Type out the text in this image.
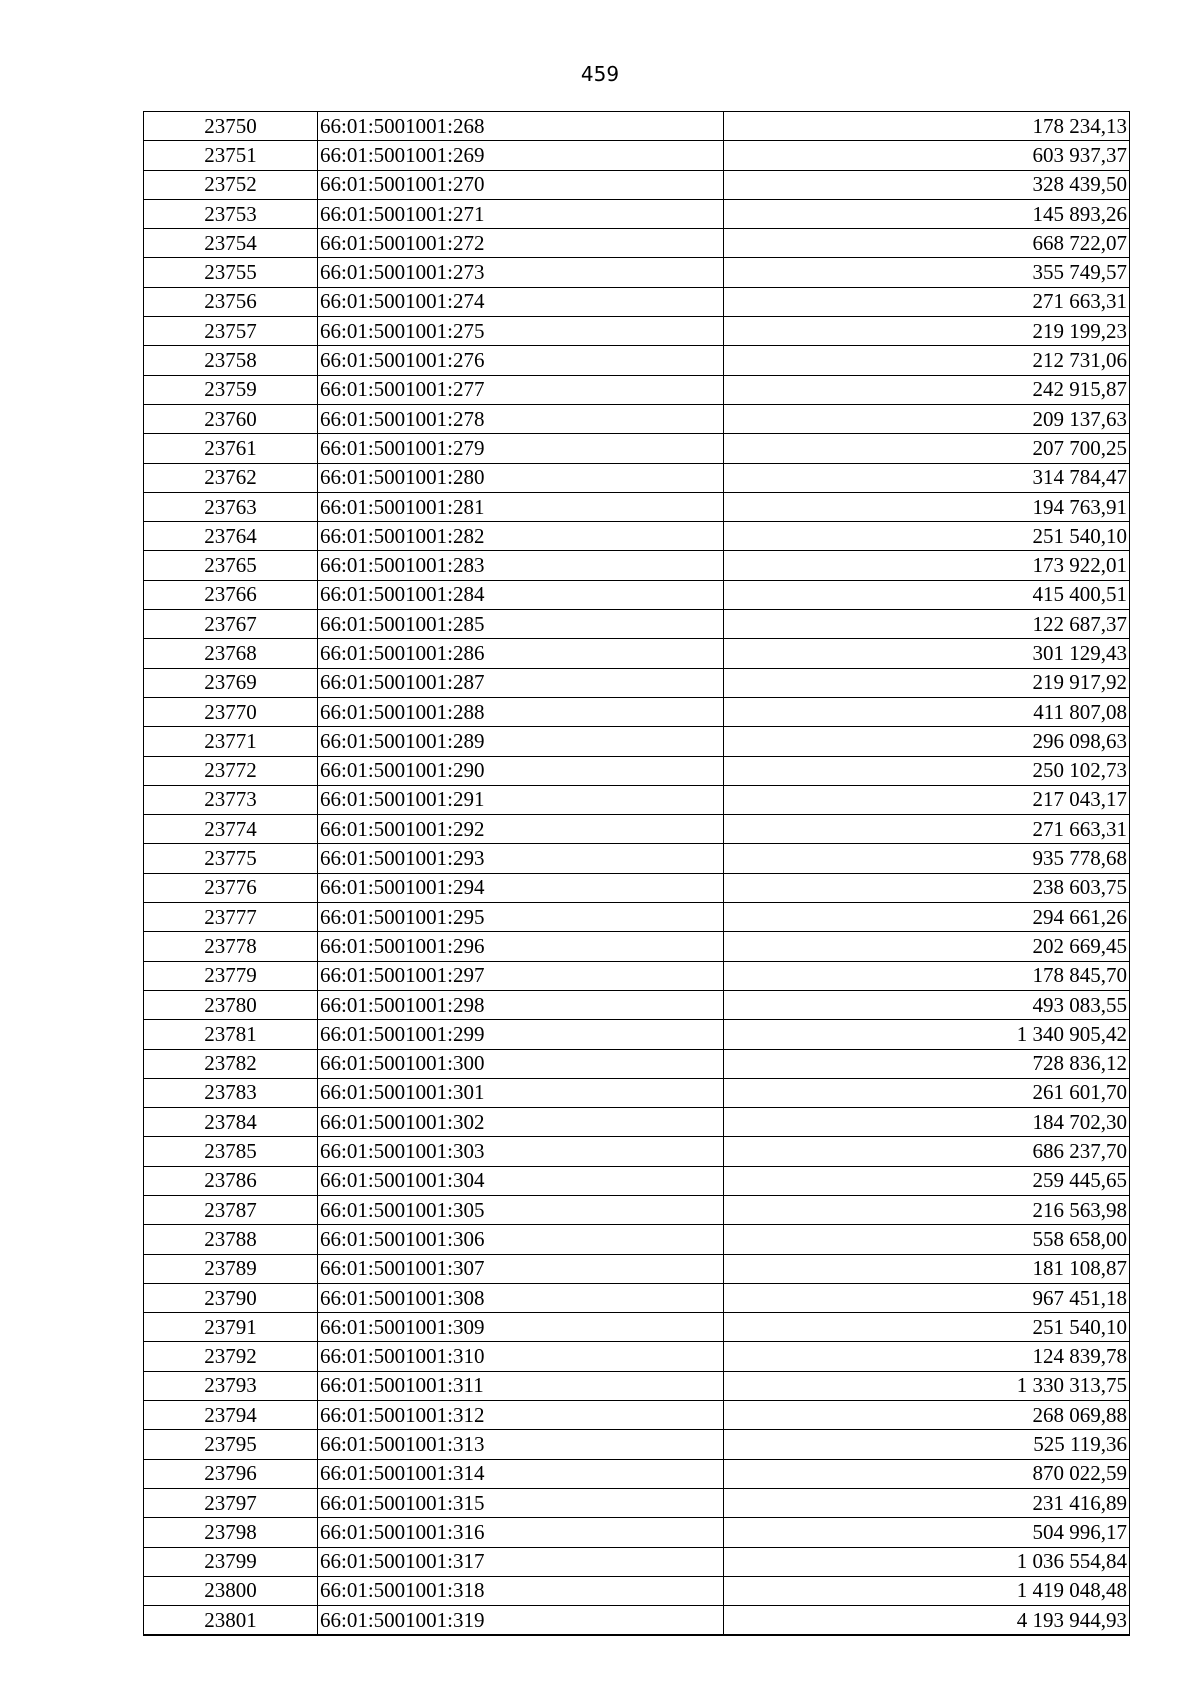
459
23750	66:01:5001001:268	178 234,13
23751	66:01:5001001:269	603 937,37
23752	66:01:5001001:270	328 439,50
23753	66:01:5001001:271	145 893,26
23754	66:01:5001001:272	668 722,07
23755	66:01:5001001:273	355 749,57
23756	66:01:5001001:274	271 663,31
23757	66:01:5001001:275	219 199,23
23758	66:01:5001001:276	212 731,06
23759	66:01:5001001:277	242 915,87
23760	66:01:5001001:278	209 137,63
23761	66:01:5001001:279	207 700,25
23762	66:01:5001001:280	314 784,47
23763	66:01:5001001:281	194 763,91
23764	66:01:5001001:282	251 540,10
23765	66:01:5001001:283	173 922,01
23766	66:01:5001001:284	415 400,51
23767	66:01:5001001:285	122 687,37
23768	66:01:5001001:286	301 129,43
23769	66:01:5001001:287	219 917,92
23770	66:01:5001001:288	411 807,08
23771	66:01:5001001:289	296 098,63
23772	66:01:5001001:290	250 102,73
23773	66:01:5001001:291	217 043,17
23774	66:01:5001001:292	271 663,31
23775	66:01:5001001:293	935 778,68
23776	66:01:5001001:294	238 603,75
23777	66:01:5001001:295	294 661,26
23778	66:01:5001001:296	202 669,45
23779	66:01:5001001:297	178 845,70
23780	66:01:5001001:298	493 083,55
23781	66:01:5001001:299	1 340 905,42
23782	66:01:5001001:300	728 836,12
23783	66:01:5001001:301	261 601,70
23784	66:01:5001001:302	184 702,30
23785	66:01:5001001:303	686 237,70
23786	66:01:5001001:304	259 445,65
23787	66:01:5001001:305	216 563,98
23788	66:01:5001001:306	558 658,00
23789	66:01:5001001:307	181 108,87
23790	66:01:5001001:308	967 451,18
23791	66:01:5001001:309	251 540,10
23792	66:01:5001001:310	124 839,78
23793	66:01:5001001:311	1 330 313,75
23794	66:01:5001001:312	268 069,88
23795	66:01:5001001:313	525 119,36
23796	66:01:5001001:314	870 022,59
23797	66:01:5001001:315	231 416,89
23798	66:01:5001001:316	504 996,17
23799	66:01:5001001:317	1 036 554,84
23800	66:01:5001001:318	1 419 048,48
23801	66:01:5001001:319	4 193 944,93
